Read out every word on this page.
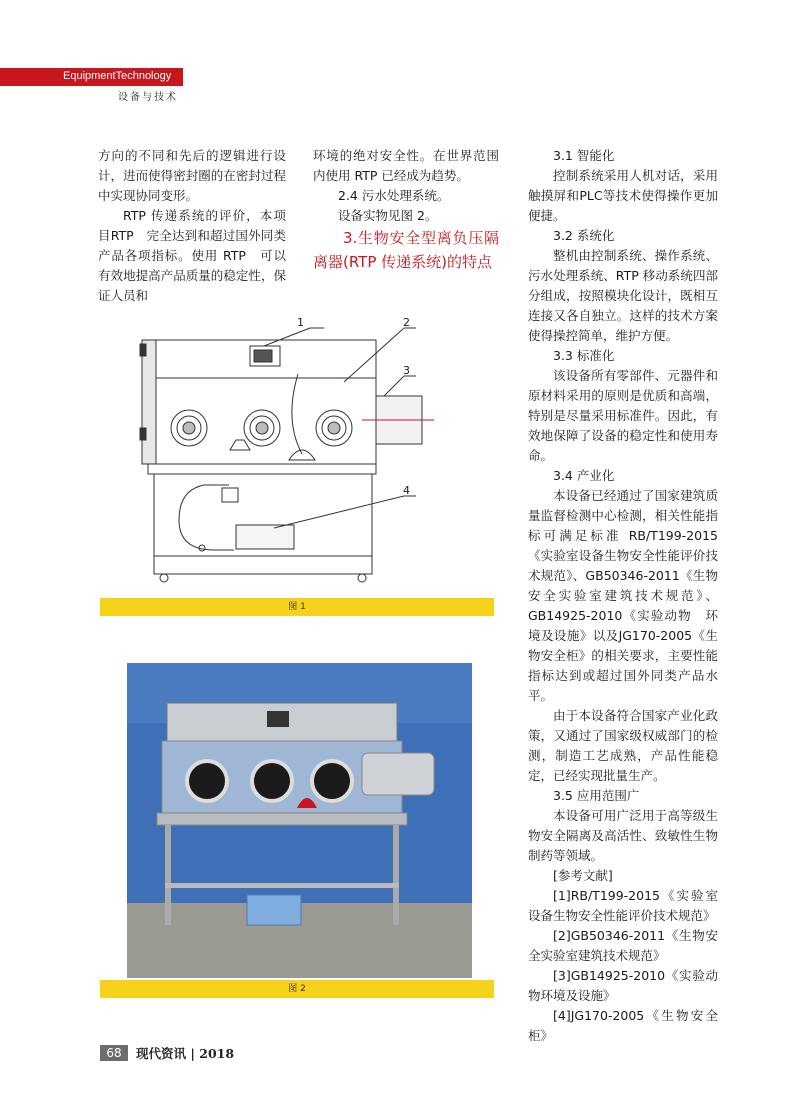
EquipmentTechnology
设备与技术

方向的不同和先后的逻辑进行设计，进而使得密封圈的在密封过程中实现协同变形。

RTP 传递系统的评价，本项目RTP　完全达到和超过国外同类产品各项指标。使用 RTP　可以有效地提高产品质量的稳定性，保证人员和

环境的绝对安全性。在世界范围内使用 RTP 已经成为趋势。

2.4 污水处理系统。

设备实物见图 2。

3.生物安全型离负压隔离器(RTP 传递系统)的特点

3.1 智能化

控制系统采用人机对话，采用触摸屏和PLC等技术使得操作更加便捷。

3.2 系统化

整机由控制系统、操作系统、污水处理系统、RTP 移动系统四部分组成，按照模块化设计，既相互连接又各自独立。这样的技术方案使得操控简单，维护方便。

3.3 标准化

该设备所有零部件、元器件和原材料采用的原则是优质和高端，特别是尽量采用标准件。因此，有效地保障了设备的稳定性和使用寿命。

3.4 产业化

本设备已经通过了国家建筑质量监督检测中心检测，相关性能指标可满足标准 RB/T199-2015《实验室设备生物安全性能评价技术规范》、GB50346-2011《生物安全实验室建筑技术规范》、GB14925-2010《实验动物　环境及设施》以及JG170-2005《生物安全柜》的相关要求，主要性能指标达到或超过国外同类产品水平。

由于本设备符合国家产业化政策，又通过了国家级权威部门的检测，制造工艺成熟，产品性能稳定，已经实现批量生产。

3.5 应用范围广

本设备可用广泛用于高等级生物安全隔离及高活性、致敏性生物制药等领域。

[参考文献]

[1]RB/T199-2015《实验室设备生物安全性能评价技术规范》

[2]GB50346-2011《生物安全实验室建筑技术规范》

[3]GB14925-2010《实验动物环境及设施》

[4]JG170-2005《生物安全柜》

1	2
3
4
图 1
图 2
68	现代资讯 | 2018
